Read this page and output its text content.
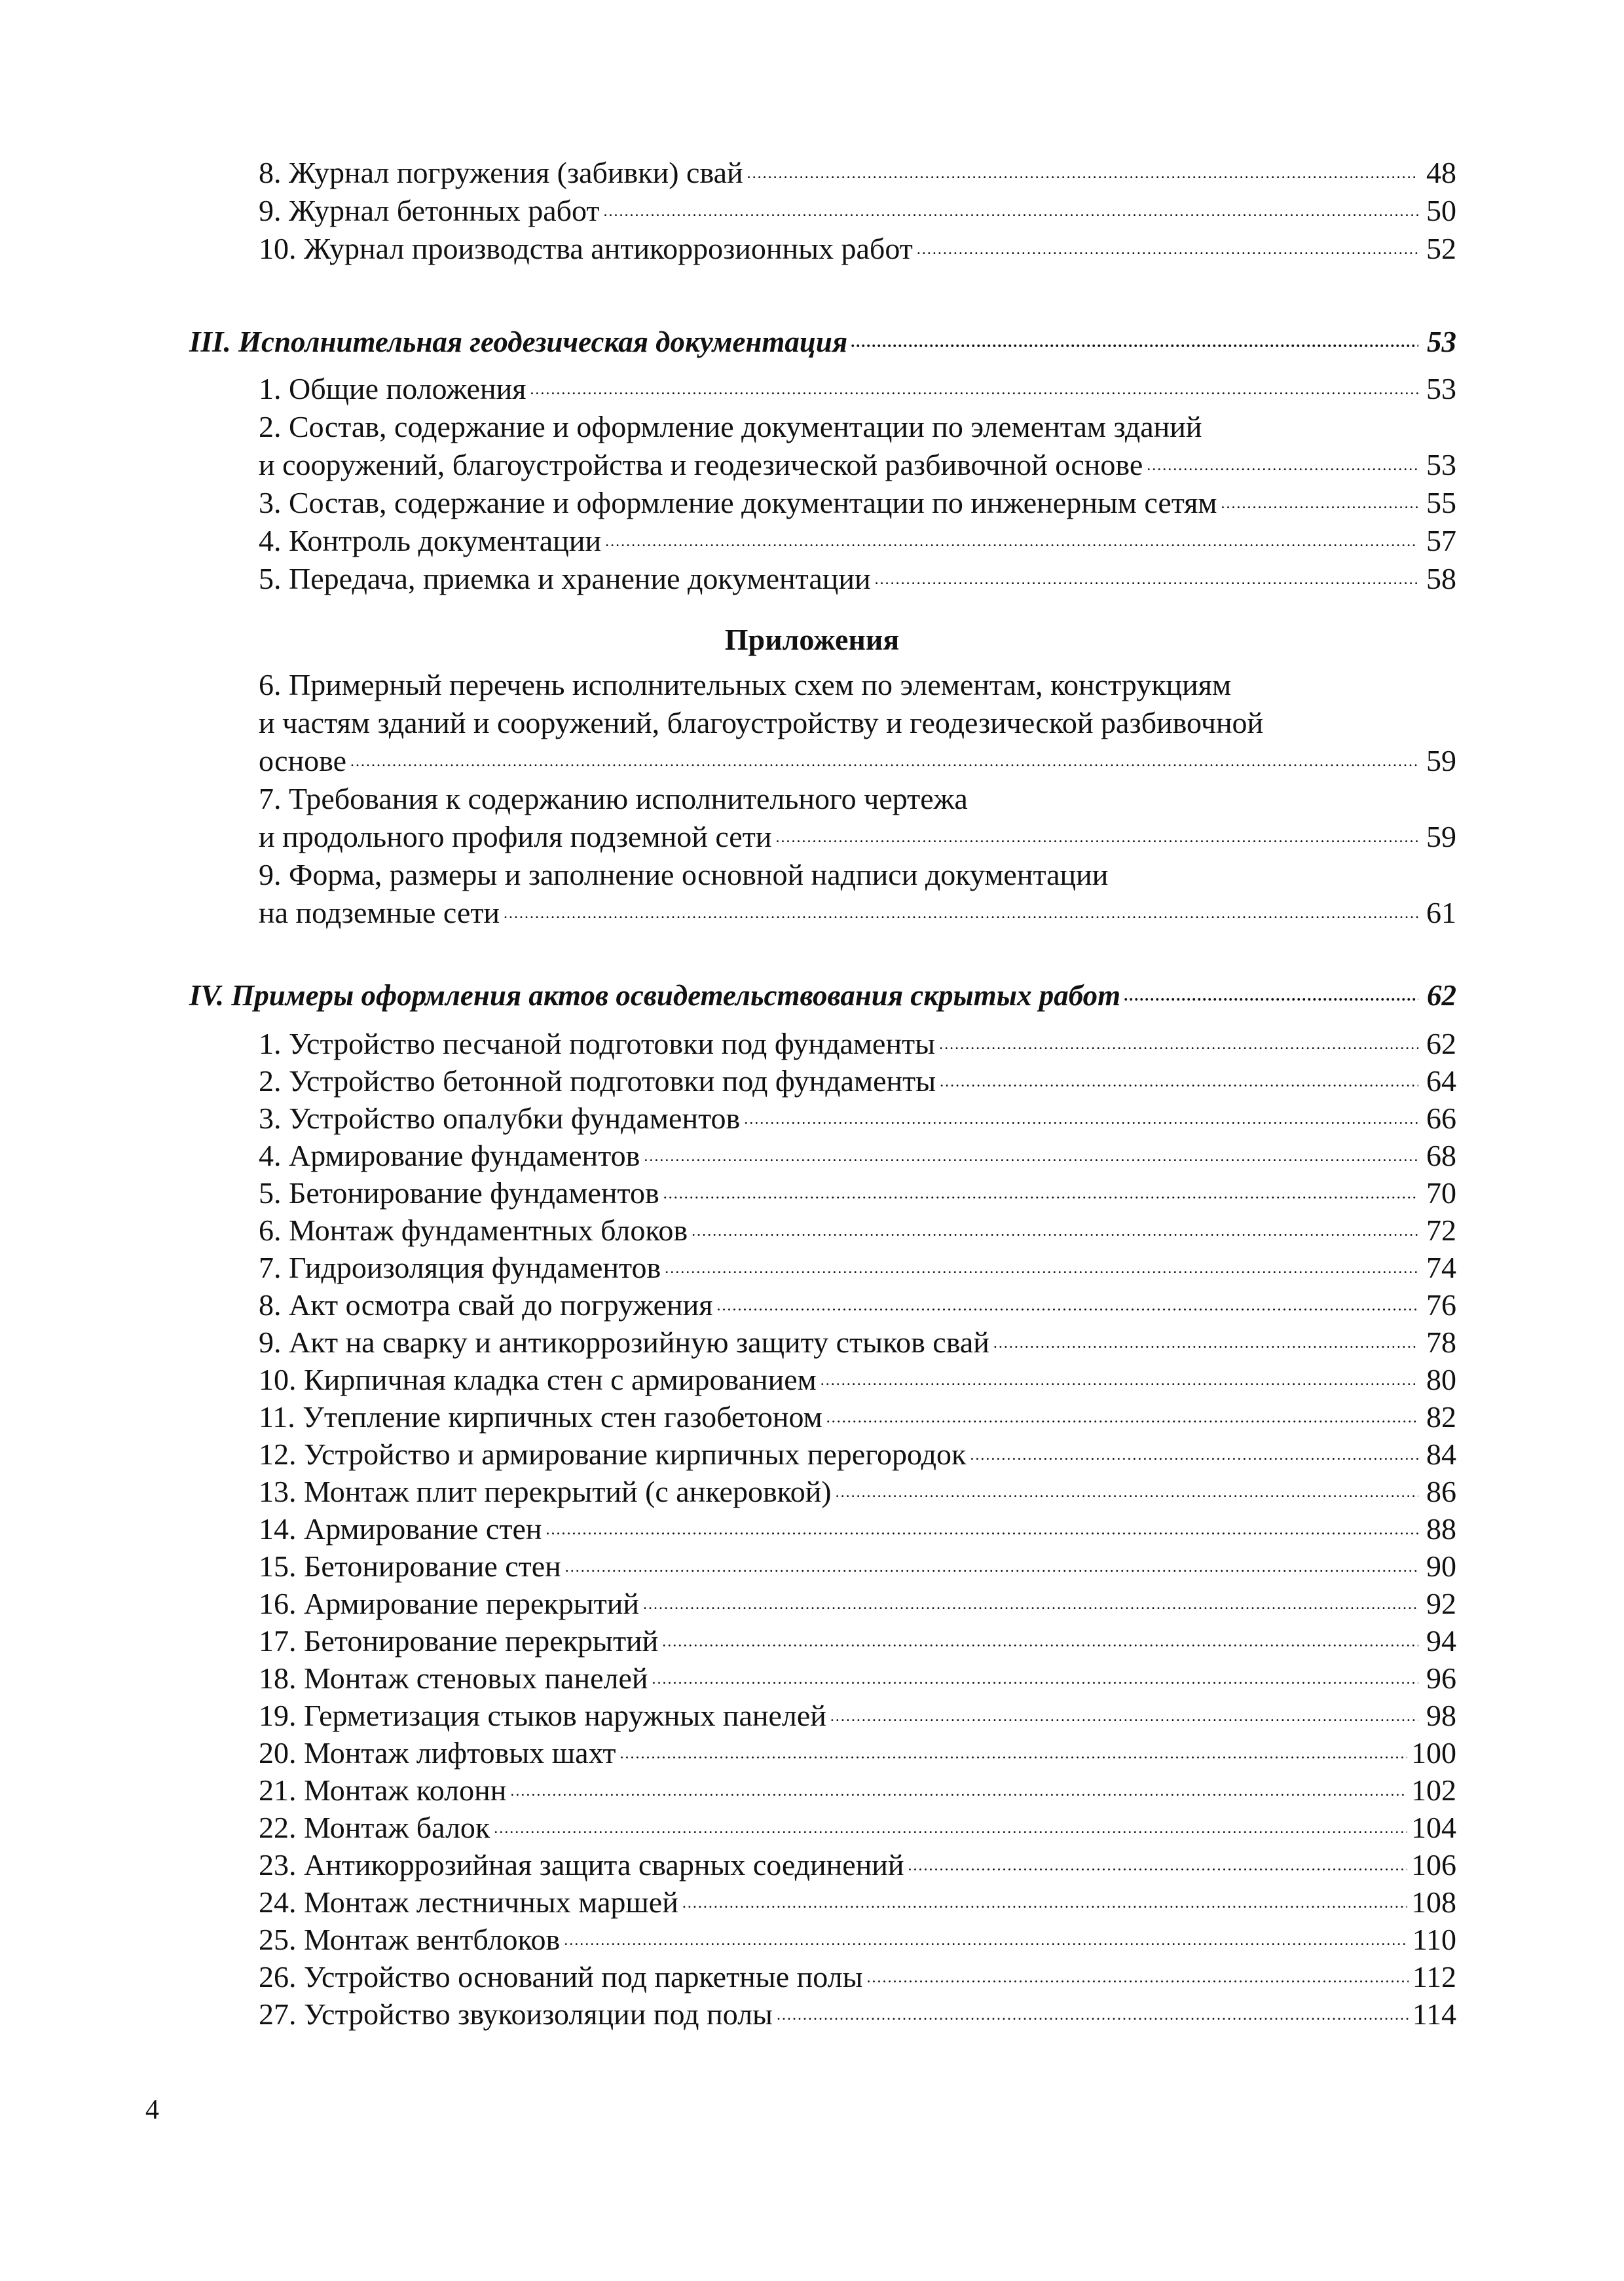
8. Журнал погружения (забивки) свай . . .	48
9. Журнал бетонных работ . . .	50
10. Журнал производства антикоррозионных работ . . .	52
III. Исполнительная геодезическая документация . . .	53
1. Общие положения . . .	53
2. Состав, содержание и оформление документации по элементам зданий
и сооружений, благоустройства и геодезической разбивочной основе . . .	53
3. Состав, содержание и оформление документации по инженерным сетям . . .	55
4. Контроль документации . . .	57
5. Передача, приемка и хранение документации . . .	58
6. Примерный перечень исполнительных схем по элементам, конструкциям
и частям зданий и сооружений, благоустройству и геодезической разбивочной
основе . . .	59
7. Требования к содержанию исполнительного чертежа
и продольного профиля подземной сети . . .	59
9. Форма, размеры и заполнение основной надписи документации
на подземные сети . . .	61
IV. Примеры оформления актов освидетельствования скрытых работ . . .	62
1. Устройство песчаной подготовки под фундаменты . . .	62
2. Устройство бетонной подготовки под фундаменты . . .	64
3. Устройство опалубки фундаментов . . .	66
4. Армирование фундаментов . . .	68
5. Бетонирование фундаментов . . .	70
6. Монтаж фундаментных блоков . . .	72
7. Гидроизоляция фундаментов . . .	74
8. Акт осмотра свай до погружения . . .	76
9. Акт на сварку и антикоррозийную защиту стыков свай . . .	78
10. Кирпичная кладка стен с армированием . . .	80
11. Утепление кирпичных стен газобетоном . . .	82
12. Устройство и армирование кирпичных перегородок . . .	84
13. Монтаж плит перекрытий (с анкеровкой) . . .	86
14. Армирование стен . . .	88
15. Бетонирование стен . . .	90
16. Армирование перекрытий . . .	92
17. Бетонирование перекрытий . . .	94
18. Монтаж стеновых панелей . . .	96
19. Герметизация стыков наружных панелей . . .	98
20. Монтаж лифтовых шахт . . .	100
21. Монтаж колонн . . .	102
22. Монтаж балок . . .	104
23. Антикоррозийная защита сварных соединений . . .	106
24. Монтаж лестничных маршей . . .	108
25. Монтаж вентблоков . . .	110
26. Устройство оснований под паркетные полы . . .	112
27. Устройство звукоизоляции под полы . . .	114
Приложения
4
